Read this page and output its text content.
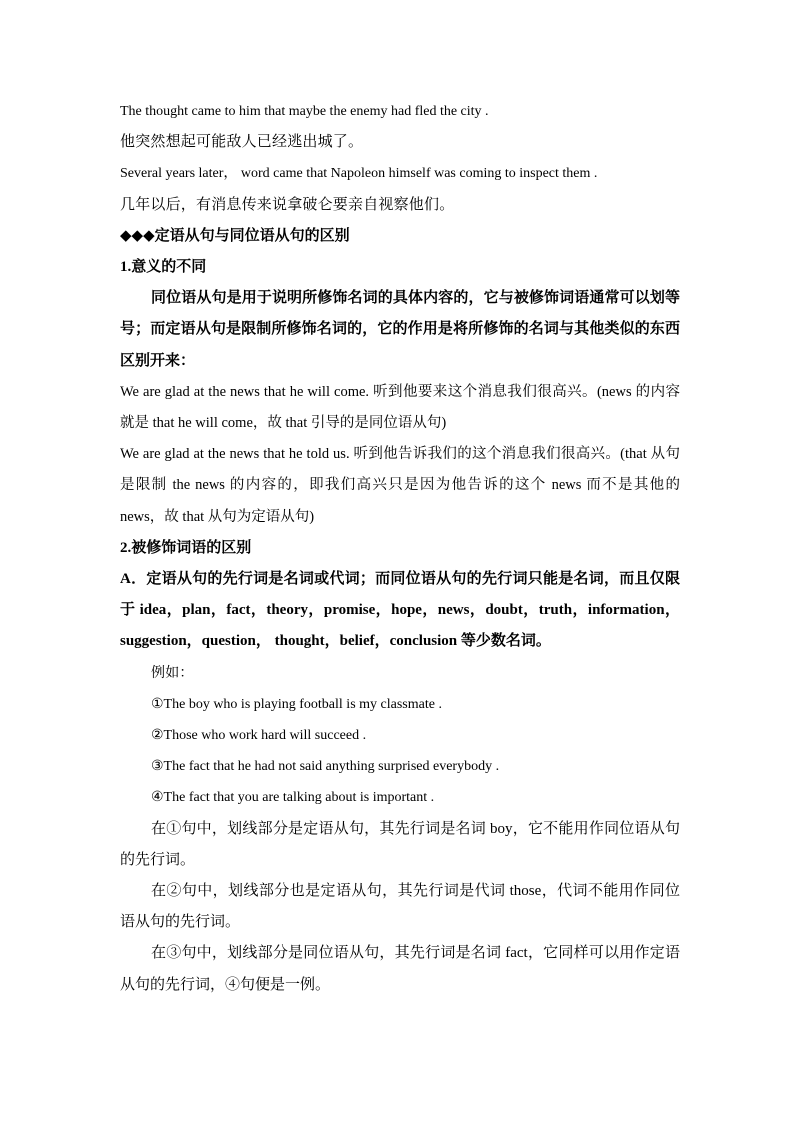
The thought came to him that maybe the enemy had fled the city .
他突然想起可能敌人已经逃出城了。
Several years later， word came that Napoleon himself was coming to inspect them .
几年以后，有消息传来说拿破仑要亲自视察他们。
◆◆◆定语从句与同位语从句的区别
1.意义的不同
同位语从句是用于说明所修饰名词的具体内容的，它与被修饰词语通常可以划等号；而定语从句是限制所修饰名词的，它的作用是将所修饰的名词与其他类似的东西区别开来：
We are glad at the news that he will come. 听到他要来这个消息我们很高兴。(news 的内容就是 that he will come，故 that 引导的是同位语从句)
We are glad at the news that he told us. 听到他告诉我们的这个消息我们很高兴。(that 从句是限制 the news 的内容的，即我们高兴只是因为他告诉的这个 news 而不是其他的 news，故 that 从句为定语从句)
2.被修饰词语的区别
A．定语从句的先行词是名词或代词；而同位语从句的先行词只能是名词，而且仅限于 idea，plan，fact，theory，promise，hope，news，doubt，truth，information，suggestion，question， thought，belief，conclusion 等少数名词。
例如：
①The boy who is playing football is my classmate .
②Those who work hard will succeed .
③The fact that he had not said anything surprised everybody .
④The fact that you are talking about is important .
在①句中，划线部分是定语从句，其先行词是名词 boy，它不能用作同位语从句的先行词。
在②句中，划线部分也是定语从句，其先行词是代词 those，代词不能用作同位语从句的先行词。
在③句中，划线部分是同位语从句，其先行词是名词 fact，它同样可以用作定语从句的先行词，④句便是一例。
